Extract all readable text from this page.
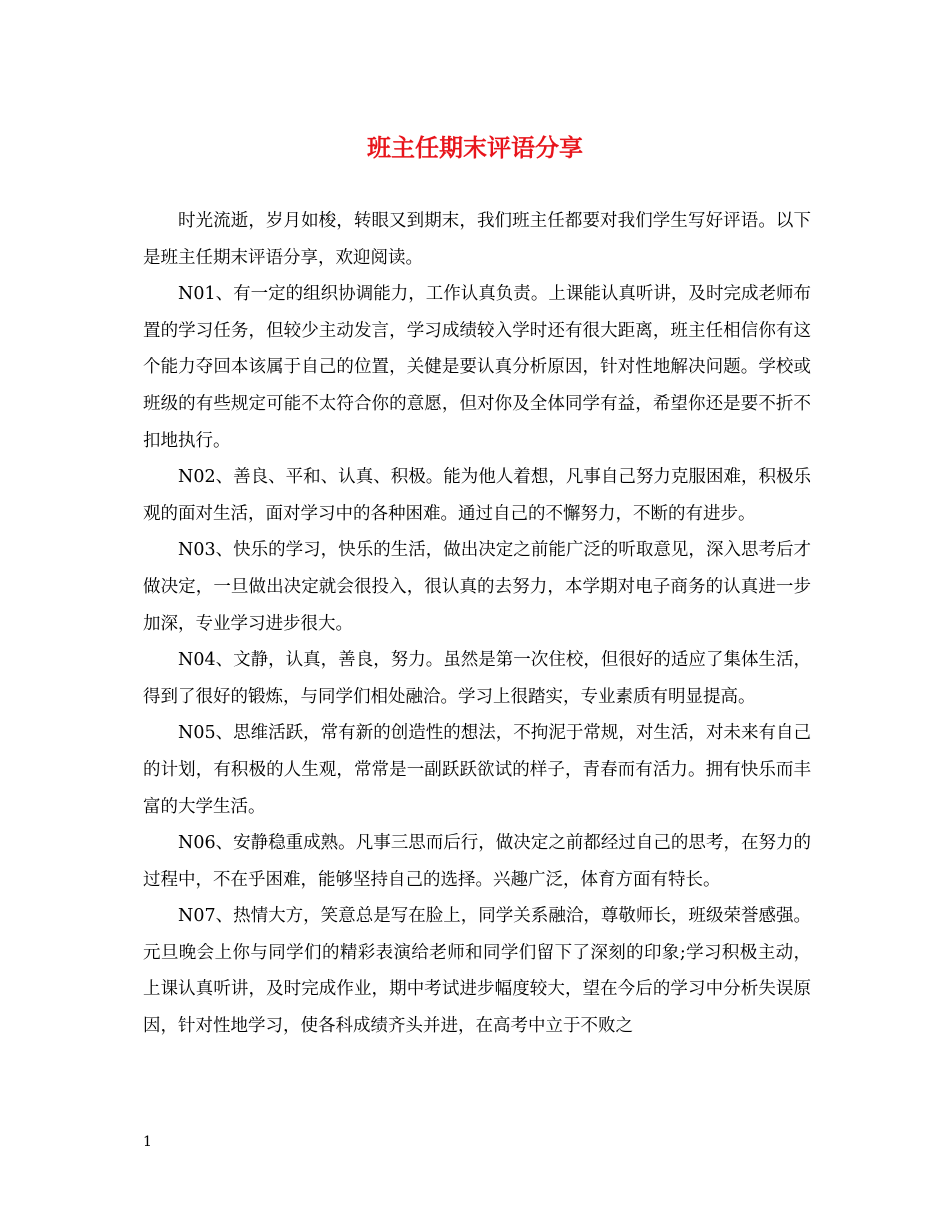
班主任期末评语分享

时光流逝，岁月如梭，转眼又到期末，我们班主任都要对我们学生写好评语。以下是班主任期末评语分享，欢迎阅读。

N01、有一定的组织协调能力，工作认真负责。上课能认真听讲，及时完成老师布置的学习任务，但较少主动发言，学习成绩较入学时还有很大距离，班主任相信你有这个能力夺回本该属于自己的位置，关健是要认真分析原因，针对性地解决问题。学校或班级的有些规定可能不太符合你的意愿，但对你及全体同学有益，希望你还是要不折不扣地执行。

N02、善良、平和、认真、积极。能为他人着想，凡事自己努力克服困难，积极乐观的面对生活，面对学习中的各种困难。通过自己的不懈努力，不断的有进步。

N03、快乐的学习，快乐的生活，做出决定之前能广泛的听取意见，深入思考后才做决定，一旦做出决定就会很投入，很认真的去努力，本学期对电子商务的认真进一步加深，专业学习进步很大。

N04、文静，认真，善良，努力。虽然是第一次住校，但很好的适应了集体生活，得到了很好的锻炼，与同学们相处融洽。学习上很踏实，专业素质有明显提高。

N05、思维活跃，常有新的创造性的想法，不拘泥于常规，对生活，对未来有自己的计划，有积极的人生观，常常是一副跃跃欲试的样子，青春而有活力。拥有快乐而丰富的大学生活。

N06、安静稳重成熟。凡事三思而后行，做决定之前都经过自己的思考，在努力的过程中，不在乎困难，能够坚持自己的选择。兴趣广泛，体育方面有特长。

N07、热情大方，笑意总是写在脸上，同学关系融洽，尊敬师长，班级荣誉感强。元旦晚会上你与同学们的精彩表演给老师和同学们留下了深刻的印象;学习积极主动，上课认真听讲，及时完成作业，期中考试进步幅度较大，望在今后的学习中分析失误原因，针对性地学习，使各科成绩齐头并进，在高考中立于不败之

1
